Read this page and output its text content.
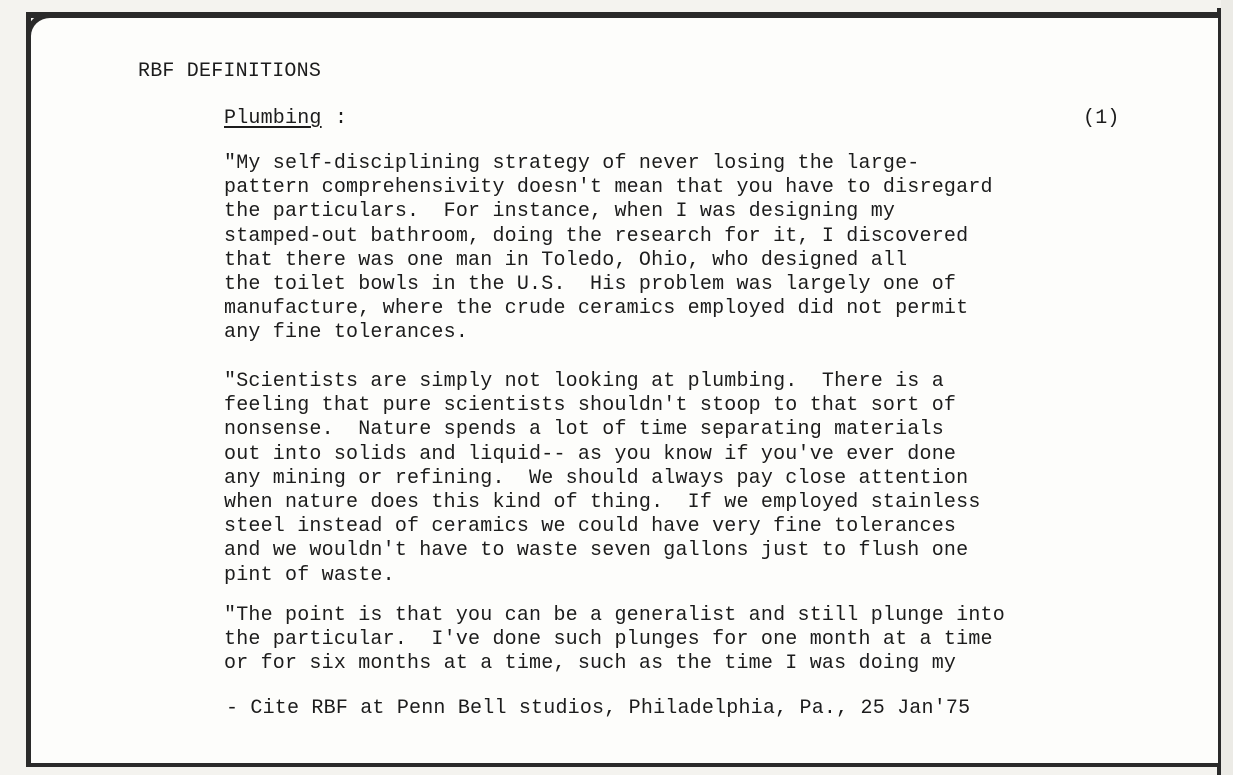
RBF DEFINITIONS
Plumbing :	(1)

"My self-disciplining strategy of never losing the large-
pattern comprehensivity doesn't mean that you have to disregard
the particulars.  For instance, when I was designing my
stamped-out bathroom, doing the research for it, I discovered
that there was one man in Toledo, Ohio, who designed all
the toilet bowls in the U.S.  His problem was largely one of
manufacture, where the crude ceramics employed did not permit
any fine tolerances.

"Scientists are simply not looking at plumbing.  There is a
feeling that pure scientists shouldn't stoop to that sort of
nonsense.  Nature spends a lot of time separating materials
out into solids and liquid-- as you know if you've ever done
any mining or refining.  We should always pay close attention
when nature does this kind of thing.  If we employed stainless
steel instead of ceramics we could have very fine tolerances
and we wouldn't have to waste seven gallons just to flush one
pint of waste.

"The point is that you can be a generalist and still plunge into
the particular.  I've done such plunges for one month at a time
or for six months at a time, such as the time I was doing my

- Cite RBF at Penn Bell studios, Philadelphia, Pa., 25 Jan'75
